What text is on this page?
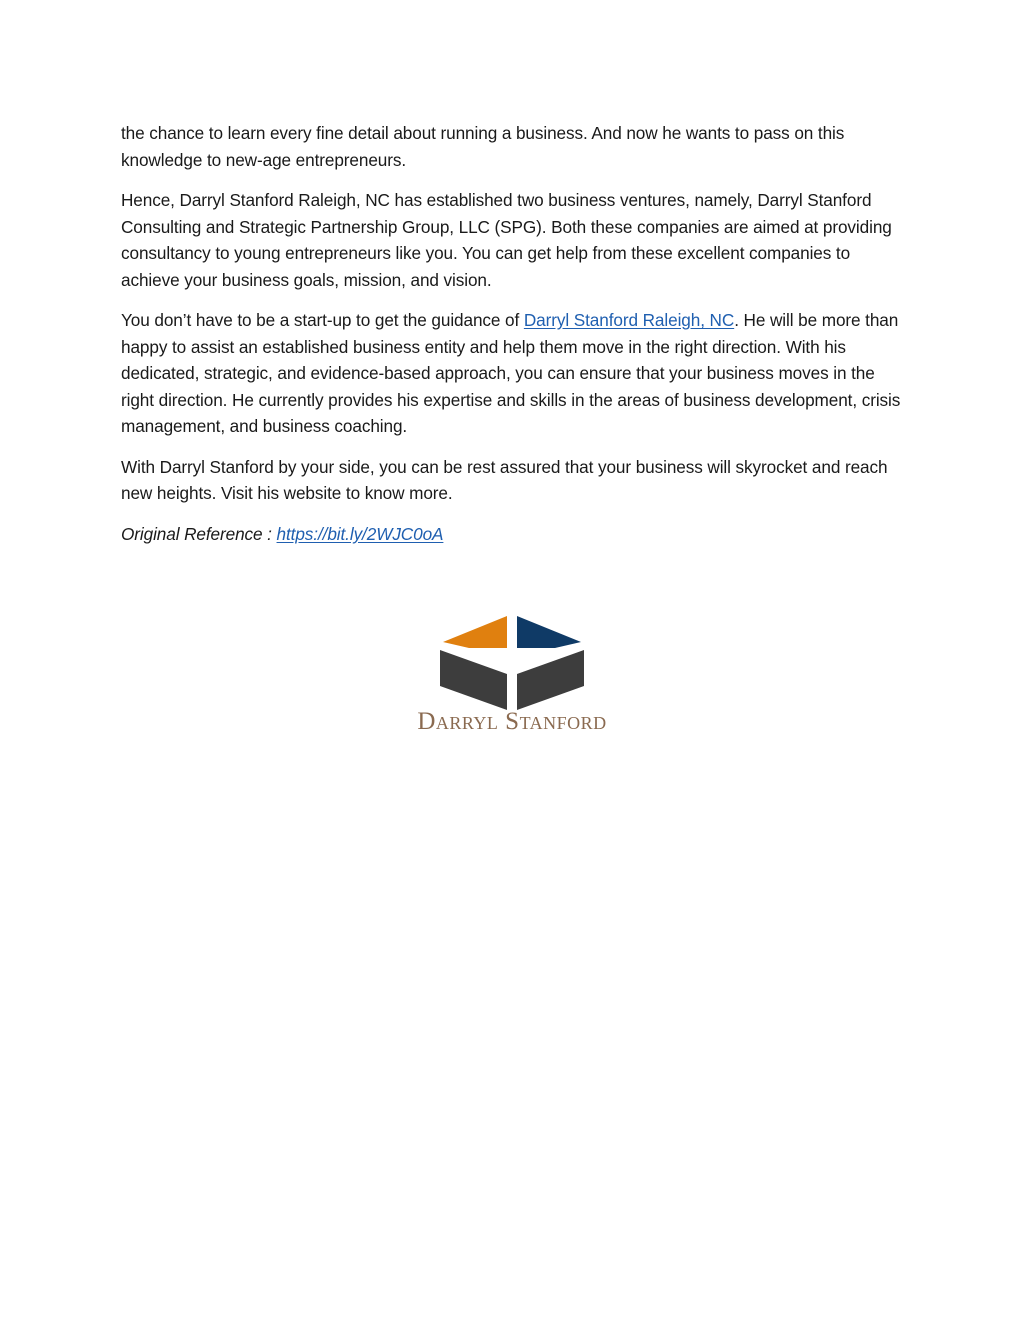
the chance to learn every fine detail about running a business. And now he wants to pass on this knowledge to new-age entrepreneurs.

Hence, Darryl Stanford Raleigh, NC has established two business ventures, namely, Darryl Stanford Consulting and Strategic Partnership Group, LLC (SPG). Both these companies are aimed at providing consultancy to young entrepreneurs like you. You can get help from these excellent companies to achieve your business goals, mission, and vision.

You don’t have to be a start-up to get the guidance of Darryl Stanford Raleigh, NC. He will be more than happy to assist an established business entity and help them move in the right direction. With his dedicated, strategic, and evidence-based approach, you can ensure that your business moves in the right direction. He currently provides his expertise and skills in the areas of business development, crisis management, and business coaching.

With Darryl Stanford by your side, you can be rest assured that your business will skyrocket and reach new heights. Visit his website to know more.

Original Reference : https://bit.ly/2WJC0oA

Darryl Stanford
